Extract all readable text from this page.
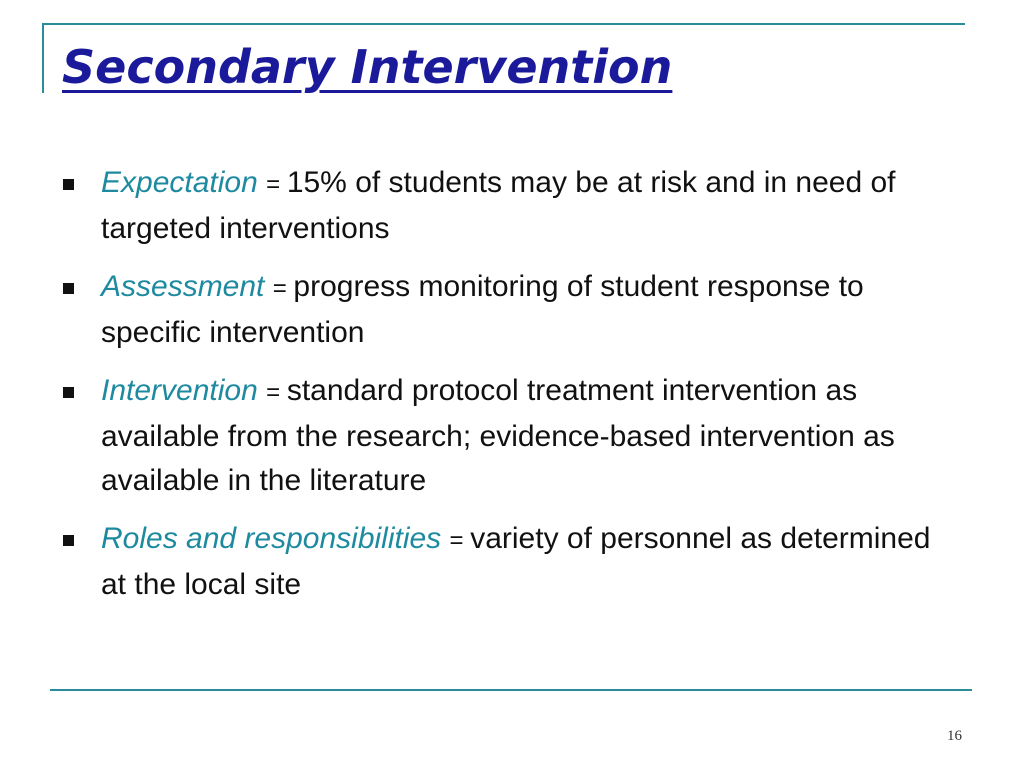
Secondary Intervention
Expectation = 15% of students may be at risk and in need of targeted interventions
Assessment = progress monitoring of student response to specific intervention
Intervention = standard protocol treatment intervention as available from the research; evidence-based intervention as available in the literature
Roles and responsibilities = variety of personnel as determined at the local site
16
